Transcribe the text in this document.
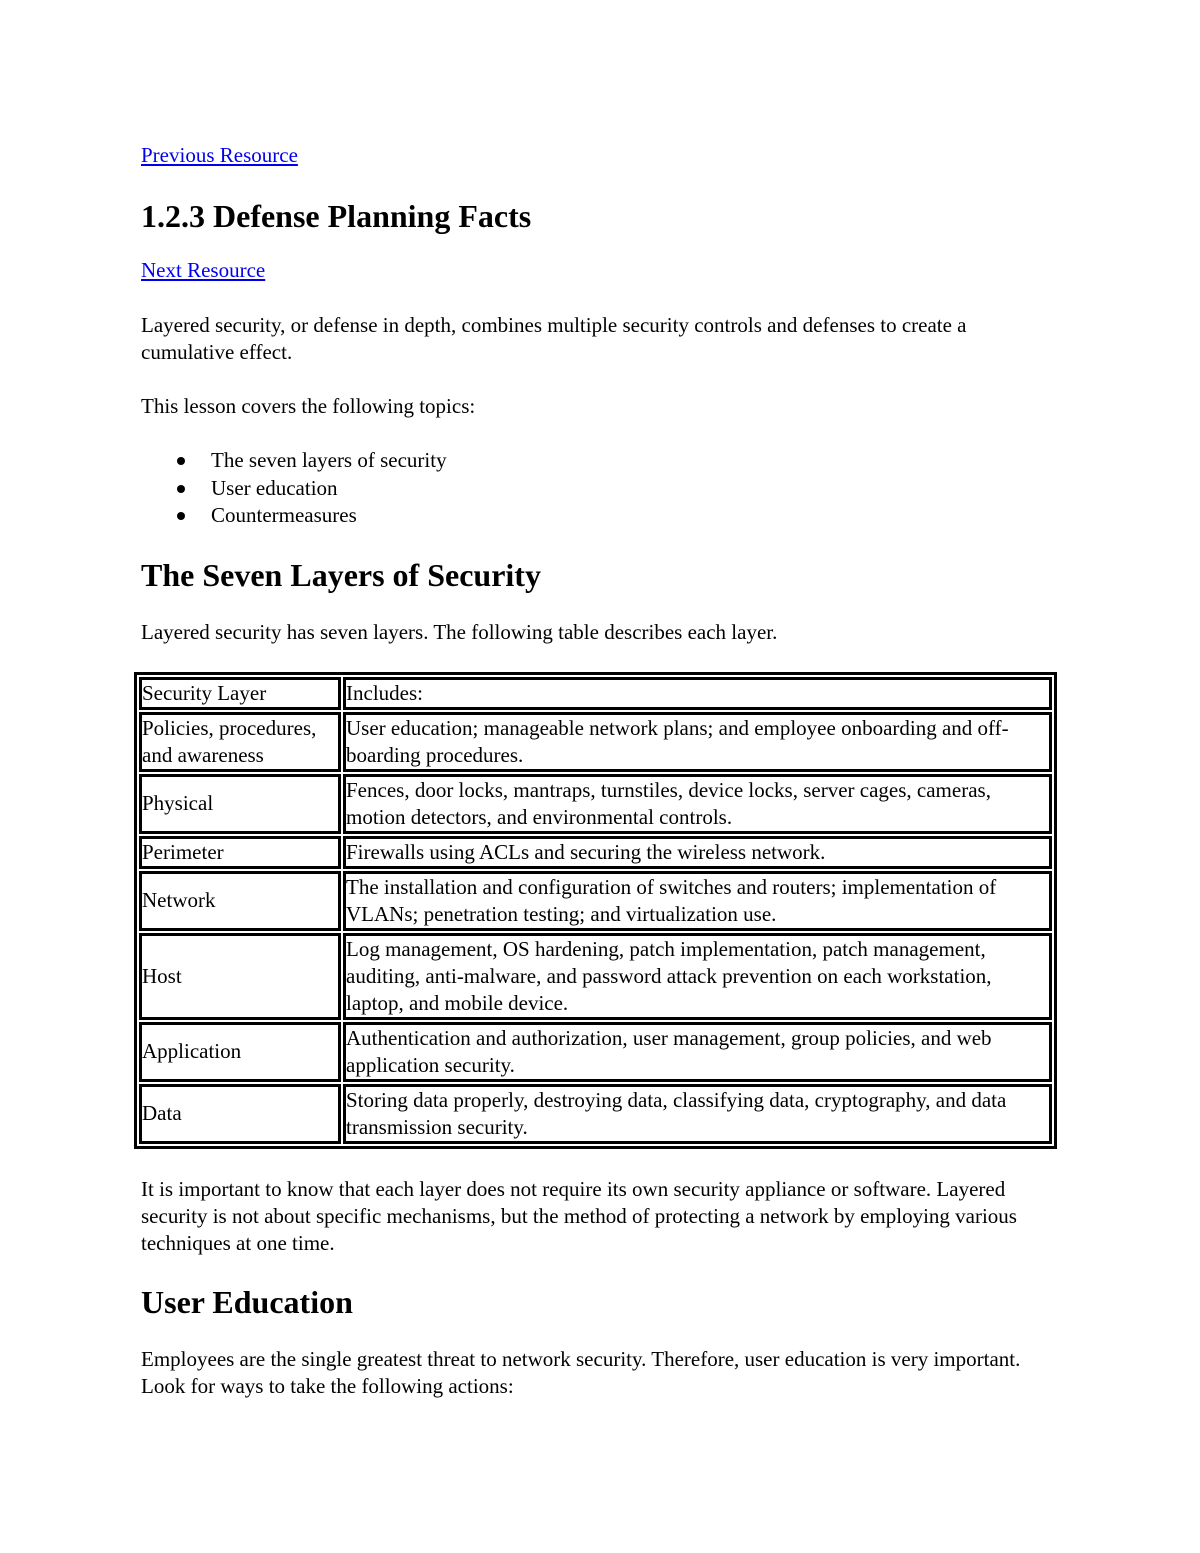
Previous Resource
1.2.3 Defense Planning Facts
Next Resource

Layered security, or defense in depth, combines multiple security controls and defenses to create a cumulative effect.

This lesson covers the following topics:

The seven layers of security
User education
Countermeasures
The Seven Layers of Security

Layered security has seven layers. The following table describes each layer.

Security Layer	Includes:
Policies, procedures, and awareness	User education; manageable network plans; and employee onboarding and off-boarding procedures.
Physical	Fences, door locks, mantraps, turnstiles, device locks, server cages, cameras, motion detectors, and environmental controls.
Perimeter	Firewalls using ACLs and securing the wireless network.
Network	The installation and configuration of switches and routers; implementation of VLANs; penetration testing; and virtualization use.
Host	Log management, OS hardening, patch implementation, patch management, auditing, anti-malware, and password attack prevention on each workstation, laptop, and mobile device.
Application	Authentication and authorization, user management, group policies, and web application security.
Data	Storing data properly, destroying data, classifying data, cryptography, and data transmission security.

It is important to know that each layer does not require its own security appliance or software. Layered security is not about specific mechanisms, but the method of protecting a network by employing various techniques at one time.

User Education

Employees are the single greatest threat to network security. Therefore, user education is very important. Look for ways to take the following actions:
